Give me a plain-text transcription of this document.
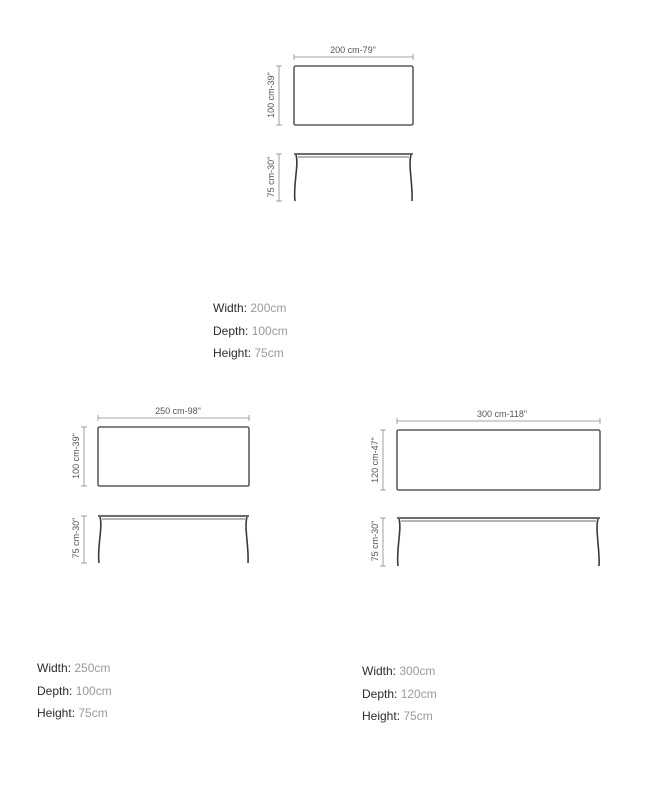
200 cm-79"
100 cm-39"
75 cm-30"
Width: 200cm
Depth: 100cm
Height: 75cm
250 cm-98"
100 cm-39"
75 cm-30"
Width: 250cm
Depth: 100cm
Height: 75cm
300 cm-118"
120 cm-47"
75 cm-30"
Width: 300cm
Depth: 120cm
Height: 75cm
